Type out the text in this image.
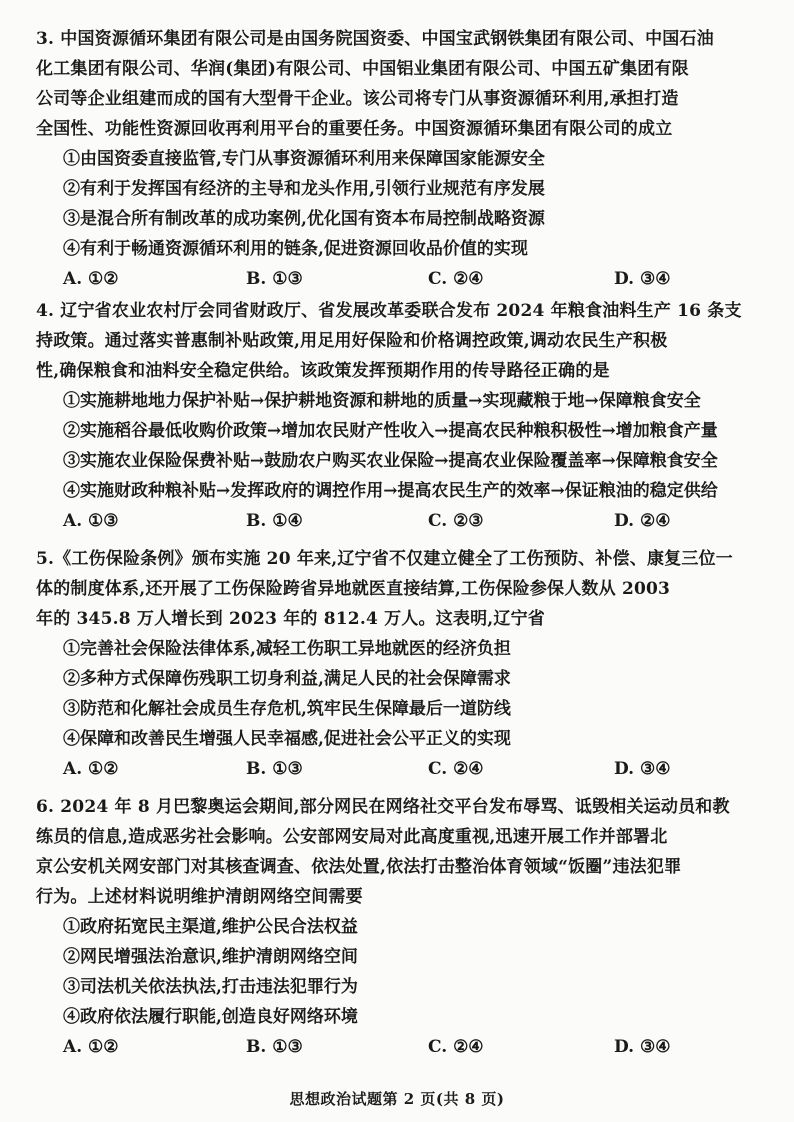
3. 中国资源循环集团有限公司是由国务院国资委、中国宝武钢铁集团有限公司、中国石油
化工集团有限公司、华润(集团)有限公司、中国铝业集团有限公司、中国五矿集团有限
公司等企业组建而成的国有大型骨干企业。该公司将专门从事资源循环利用,承担打造
全国性、功能性资源回收再利用平台的重要任务。中国资源循环集团有限公司的成立
①由国资委直接监管,专门从事资源循环利用来保障国家能源安全
②有利于发挥国有经济的主导和龙头作用,引领行业规范有序发展
③是混合所有制改革的成功案例,优化国有资本布局控制战略资源
④有利于畅通资源循环利用的链条,促进资源回收品价值的实现
A. ①②	B. ①③	C. ②④	D. ③④
4. 辽宁省农业农村厅会同省财政厅、省发展改革委联合发布 2024 年粮食油料生产 16 条支
持政策。通过落实普惠制补贴政策,用足用好保险和价格调控政策,调动农民生产积极
性,确保粮食和油料安全稳定供给。该政策发挥预期作用的传导路径正确的是
①实施耕地地力保护补贴→保护耕地资源和耕地的质量→实现藏粮于地→保障粮食安全
②实施稻谷最低收购价政策→增加农民财产性收入→提高农民种粮积极性→增加粮食产量
③实施农业保险保费补贴→鼓励农户购买农业保险→提高农业保险覆盖率→保障粮食安全
④实施财政种粮补贴→发挥政府的调控作用→提高农民生产的效率→保证粮油的稳定供给
A. ①③	B. ①④	C. ②③	D. ②④
5.《工伤保险条例》颁布实施 20 年来,辽宁省不仅建立健全了工伤预防、补偿、康复三位一
体的制度体系,还开展了工伤保险跨省异地就医直接结算,工伤保险参保人数从 2003
年的 345.8 万人增长到 2023 年的 812.4 万人。这表明,辽宁省
①完善社会保险法律体系,减轻工伤职工异地就医的经济负担
②多种方式保障伤残职工切身利益,满足人民的社会保障需求
③防范和化解社会成员生存危机,筑牢民生保障最后一道防线
④保障和改善民生增强人民幸福感,促进社会公平正义的实现
A. ①②	B. ①③	C. ②④	D. ③④
6. 2024 年 8 月巴黎奥运会期间,部分网民在网络社交平台发布辱骂、诋毁相关运动员和教
练员的信息,造成恶劣社会影响。公安部网安局对此高度重视,迅速开展工作并部署北
京公安机关网安部门对其核查调查、依法处置,依法打击整治体育领域“饭圈”违法犯罪
行为。上述材料说明维护清朗网络空间需要
①政府拓宽民主渠道,维护公民合法权益
②网民增强法治意识,维护清朗网络空间
③司法机关依法执法,打击违法犯罪行为
④政府依法履行职能,创造良好网络环境
A. ①②	B. ①③	C. ②④	D. ③④
思想政治试题第 2 页(共 8 页)
